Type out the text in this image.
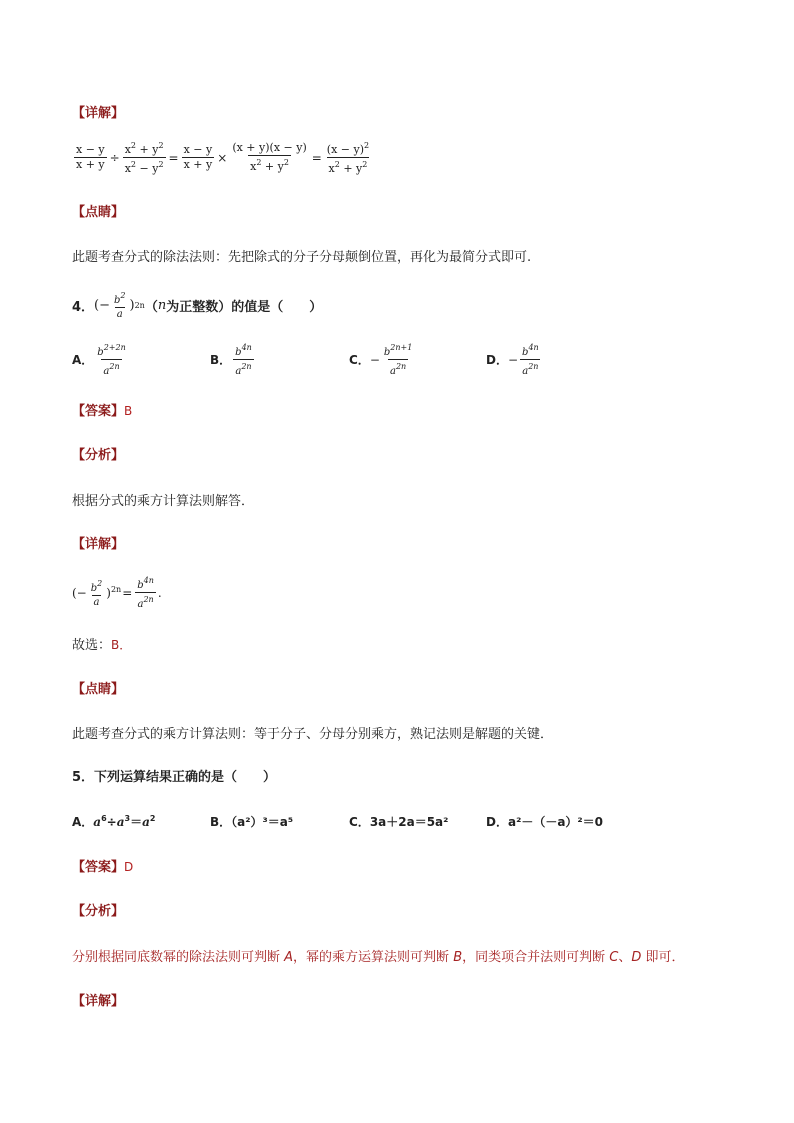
【详解】
$\frac{x - y}{x + y} \div \frac{x^2 + y^2}{x^2 - y^2} = \frac{x - y}{x + y} \times \frac{(x + y)(x - y)}{x^2 + y^2} = \frac{(x - y)^2}{x^2 + y^2}$
【点睛】
此题考查分式的除法法则：先把除式的分子分母颠倒位置，再化为最简分式即可.
4． (− $\frac{b^2}{a}$ ) 2n （ n 为正整数） 的值是（　　）
A． $\frac{b^{2+2n}}{a^{2n}}$	B． $\frac{b^{4n}}{a^{2n}}$	C． − $\frac{b^{2n+1}}{a^{2n}}$	D． − $\frac{b^{4n}}{a^{2n}}$
【答案】B
【分析】
根据分式的乘方计算法则解答．
【详解】
(− $\frac{b^2}{a} )^{2n} = \frac{b^{4n}}{a^{2n}}$ .
故选：B．
【点睛】
此题考查分式的乘方计算法则：等于分子、分母分别乘方，熟记法则是解题的关键．
5．下列运算结果正确的是（　　）
A．$a^6\div a^3=a^2$	B．（a²）³＝a⁵	C．3a＋2a＝5a²	D．a²－（－a）²＝0
【答案】D
【分析】
分别根据同底数幂的除法法则可判断 A，幂的乘方运算法则可判断 B，同类项合并法则可判断 C、D 即可．
【详解】
